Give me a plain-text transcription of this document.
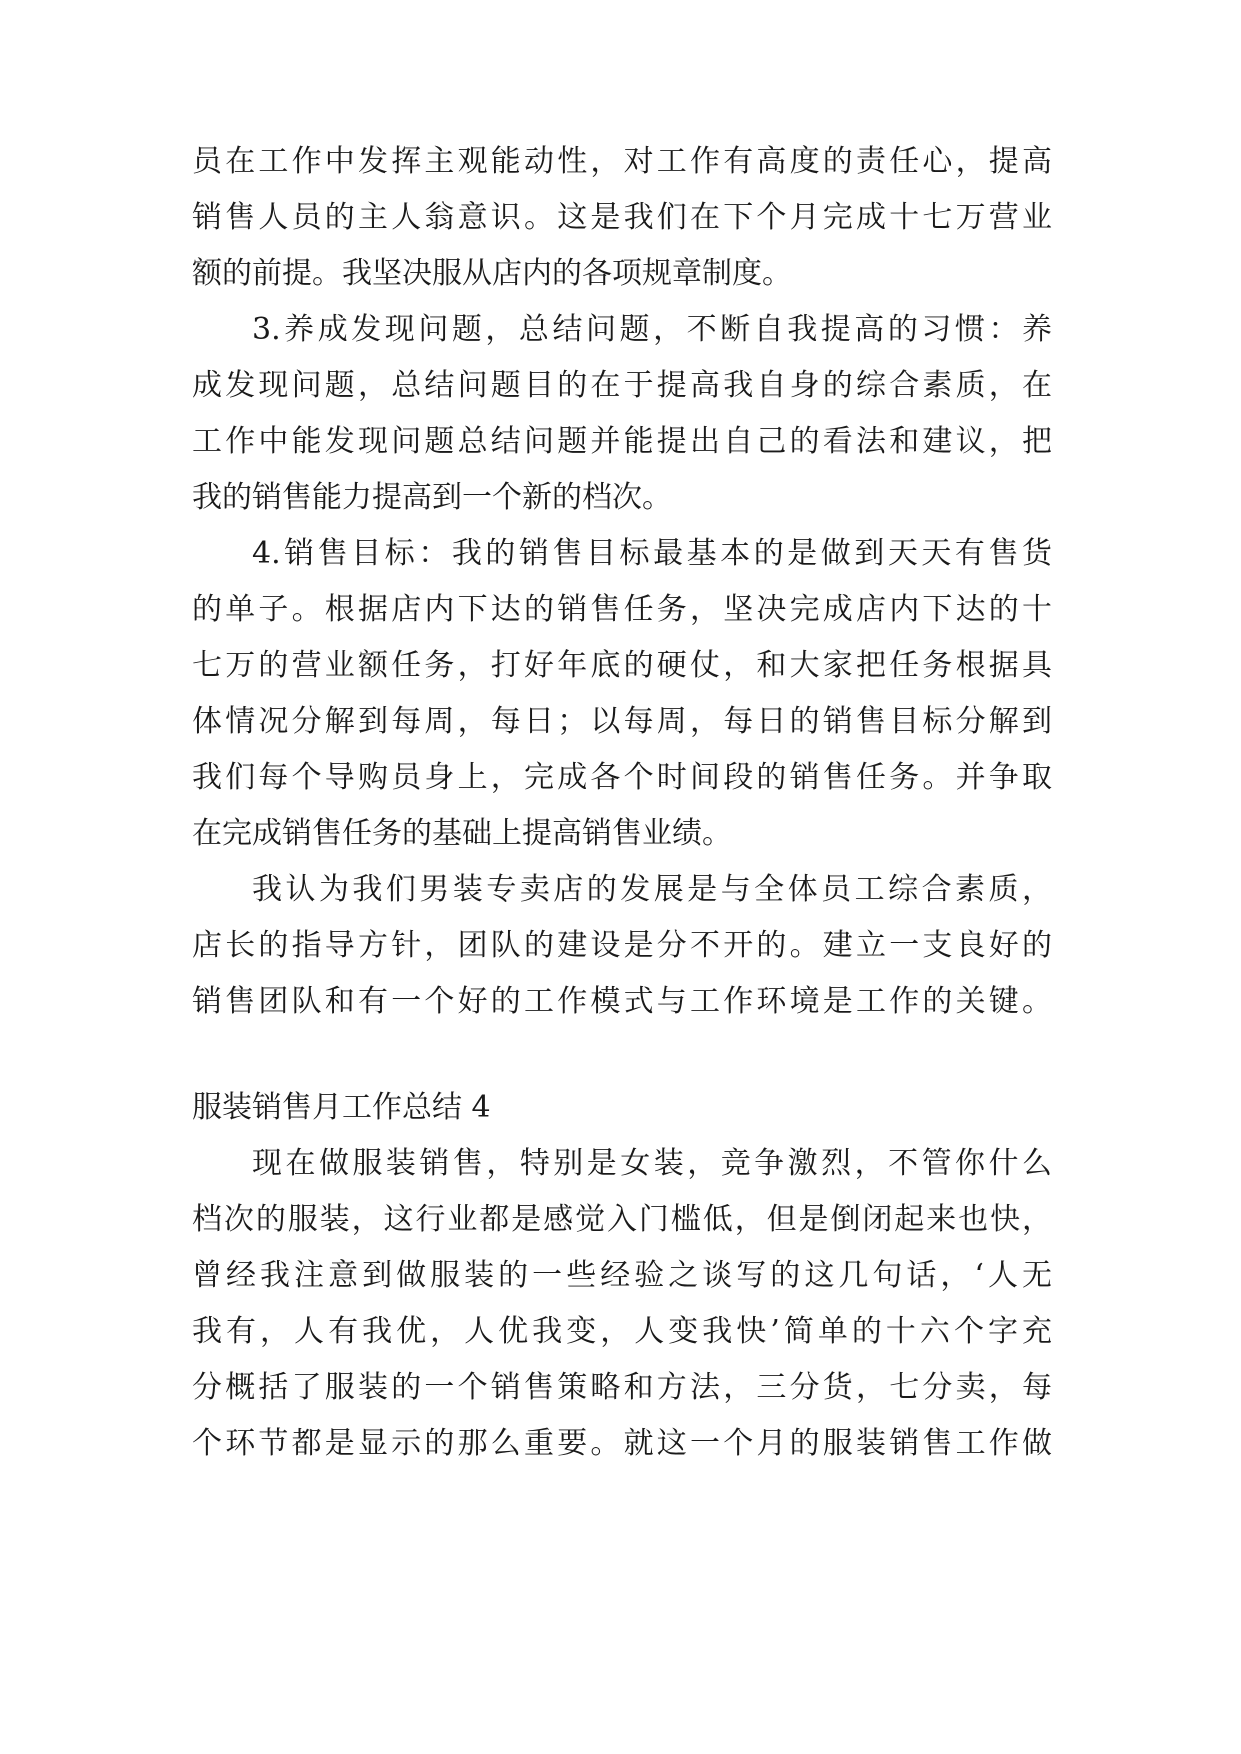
员在工作中发挥主观能动性，对工作有高度的责任心，提高
销售人员的主人翁意识。这是我们在下个月完成十七万营业
额的前提。我坚决服从店内的各项规章制度。
3.养成发现问题，总结问题，不断自我提高的习惯：养
成发现问题，总结问题目的在于提高我自身的综合素质，在
工作中能发现问题总结问题并能提出自己的看法和建议，把
我的销售能力提高到一个新的档次。
4.销售目标：我的销售目标最基本的是做到天天有售货
的单子。根据店内下达的销售任务，坚决完成店内下达的十
七万的营业额任务，打好年底的硬仗，和大家把任务根据具
体情况分解到每周，每日；以每周，每日的销售目标分解到
我们每个导购员身上，完成各个时间段的销售任务。并争取
在完成销售任务的基础上提高销售业绩。
我认为我们男装专卖店的发展是与全体员工综合素质，
店长的指导方针，团队的建设是分不开的。建立一支良好的
销售团队和有一个好的工作模式与工作环境是工作的关键。
服装销售月工作总结 4
现在做服装销售，特别是女装，竞争激烈，不管你什么
档次的服装，这行业都是感觉入门槛低，但是倒闭起来也快，
曾经我注意到做服装的一些经验之谈写的这几句话，‘人无
我有，人有我优，人优我变，人变我快’简单的十六个字充
分概括了服装的一个销售策略和方法，三分货，七分卖，每
个环节都是显示的那么重要。就这一个月的服装销售工作做
